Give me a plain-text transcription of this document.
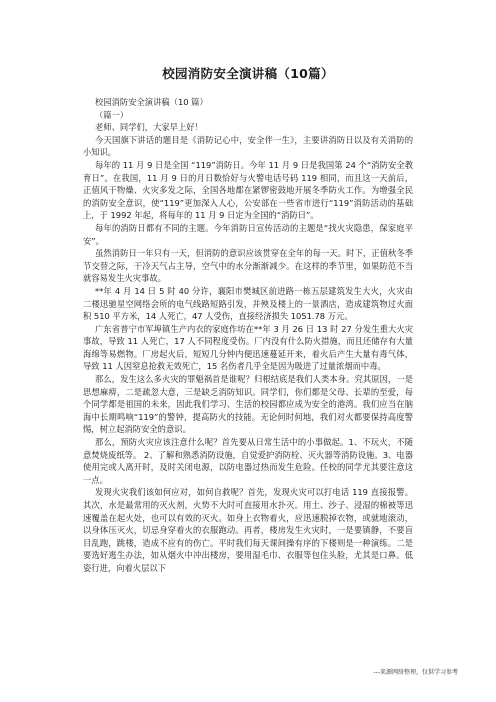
校园消防安全演讲稿（10篇）

校园消防安全演讲稿（10 篇）

（篇一）

老师、同学们，大家早上好！

今天国旗下讲话的题目是《消防记心中，安全伴一生》，主要讲消防日以及有关消防的小知识。

每年的 11 月 9 日是全国 “119”消防日。今年 11 月 9 日是我国第 24 个“消防安全教育日”。在我国，11 月 9 日的月日数恰好与火警电话号码 119 相同，而且这一天前后，正值风干物燥、火灾多发之际，全国各地都在紧锣密鼓地开展冬季防火工作。为增强全民的消防安全意识，使“119”更加深入人心，公安部在一些省市进行“119”消防活动的基础上，于 1992 年起，将每年的 11 月 9 日定为全国的“消防日”。

每年的消防日都有不同的主题。今年消防日宣传活动的主题是“找火灾隐患，保家庭平安”。

虽然消防日一年只有一天，但消防的意识应该贯穿在全年的每一天。时下，正值秋冬季节交替之际，干冷天气占主导，空气中的水分渐渐减少。在这样的季节里，如果防范不当就容易发生火灾事故。

**年 4 月 14 日 5 时 40 分许，襄阳市樊城区前进路一栋五层建筑发生大火，火灾由二楼迅驰星空网络会所的电气线路短路引发，并殃及楼上的一景酒店，造成建筑物过火面积 510 平方米，14 人死亡，47 人受伤，直接经济损失 1051.78 万元。

广东省普宁市军埠镇生产内衣的家庭作坊在**年 3 月 26 日 13 时 27 分发生重大火灾事故，导致 11 人死亡，17 人不同程度受伤。厂内没有什么防火措施，而且还储存有大量海绵等易燃物。厂房起火后，短短几分钟内便迅速蔓延开来，着火后产生大量有毒气体，导致 11 人因窒息抢救无效死亡，15 名伤者几乎全是因为吸进了过量浓烟而中毒。

那么，发生这么多火灾的罪魁祸首是谁呢？归根结底是我们人类本身。究其原因，一是思想麻痹，二是疏忽大意，三是缺乏消防知识。同学们，你们都是父母、长辈的至爱，每个同学都是祖国的未来，因此我们学习、生活的校园都应成为安全的港湾。我们应当在脑海中长期鸣响“119”的警钟，提高防火的技能。无论何时何地，我们对火都要保持高度警惕，树立起消防安全的意识。

那么，预防火灾应该注意什么呢？首先要从日常生活中的小事做起。1、不玩火，不随意焚烧废纸等。 2、了解和熟悉消防设施，自觉爱护消防栓、灭火器等消防设施。3、电器使用完或人离开时，及时关闭电源，以防电器过热而发生危险。任校的同学尤其要注意这一点。

发现火灾我们该如何应对，如何自救呢？首先，发现火灾可以打电话 119 直接报警。其次，水是最常用的灭火剂，火势不大时可直接用水扑灭。用土、沙子、浸湿的棉被等迅速覆盖在起火处，也可以有效的灭火。如身上衣物着火，应迅速脱掉衣物，或就地滚动，以身体压灭火，切忌身穿着火的衣服跑动。再者，楼房发生火灾时，一是要镇静，不要盲目乱跑，跳楼，造成不应有的伤亡。平时我们每天课间操有序的下楼则是一种演练。二是要选好逃生办法，如从烟火中冲出楼房，要用湿毛巾、衣服等包住头脸，尤其是口鼻。低姿行进，向着火层以下

---来源网络整理，仅供学习参考
